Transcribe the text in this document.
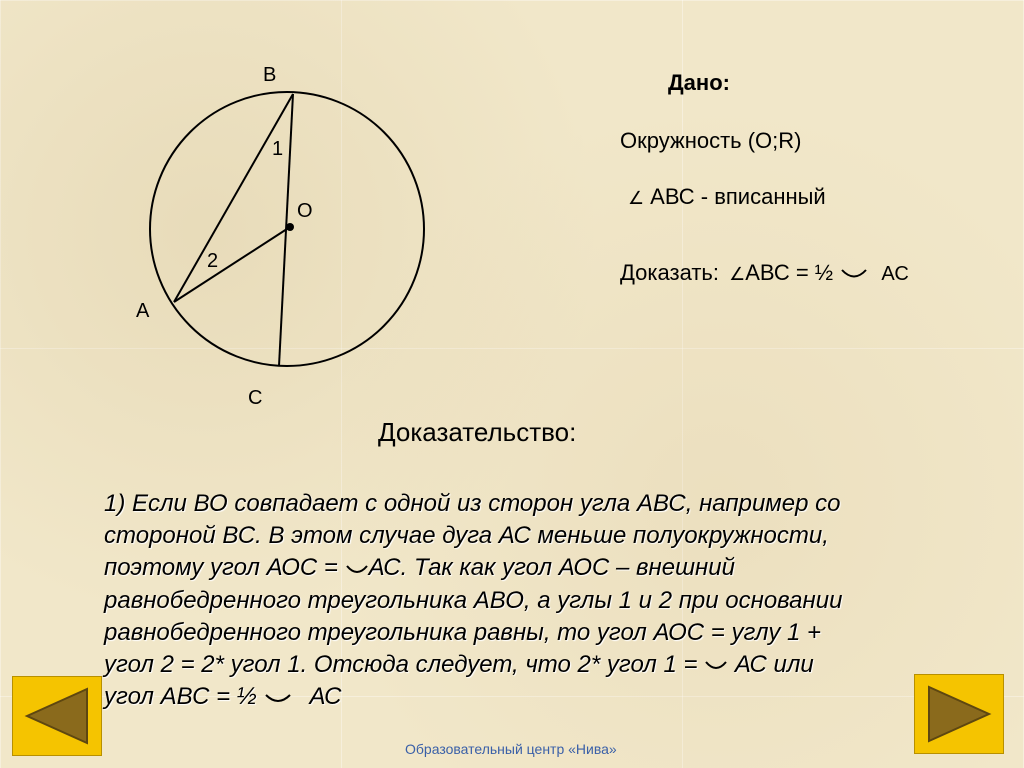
B
1
O
2
A
C
Дано:
Окружность (О;R)
∠ АВС - вписанный
Доказать: ∠АВС = ½ АС
Доказательство:
1) Если ВО совпадает с одной из сторон угла АВС, например со
стороной ВС. В этом случае дуга АС меньше полуокружности,
поэтому угол АОС = АС. Так как угол АОС – внешний
равнобедренного треугольника АВО, а углы 1 и 2 при основании
равнобедренного треугольника равны, то угол АОС = углу 1 +
угол 2 = 2* угол 1. Отсюда следует, что 2* угол 1 =  АС или
угол АВС = ½ АС
Образовательный центр «Нива»
